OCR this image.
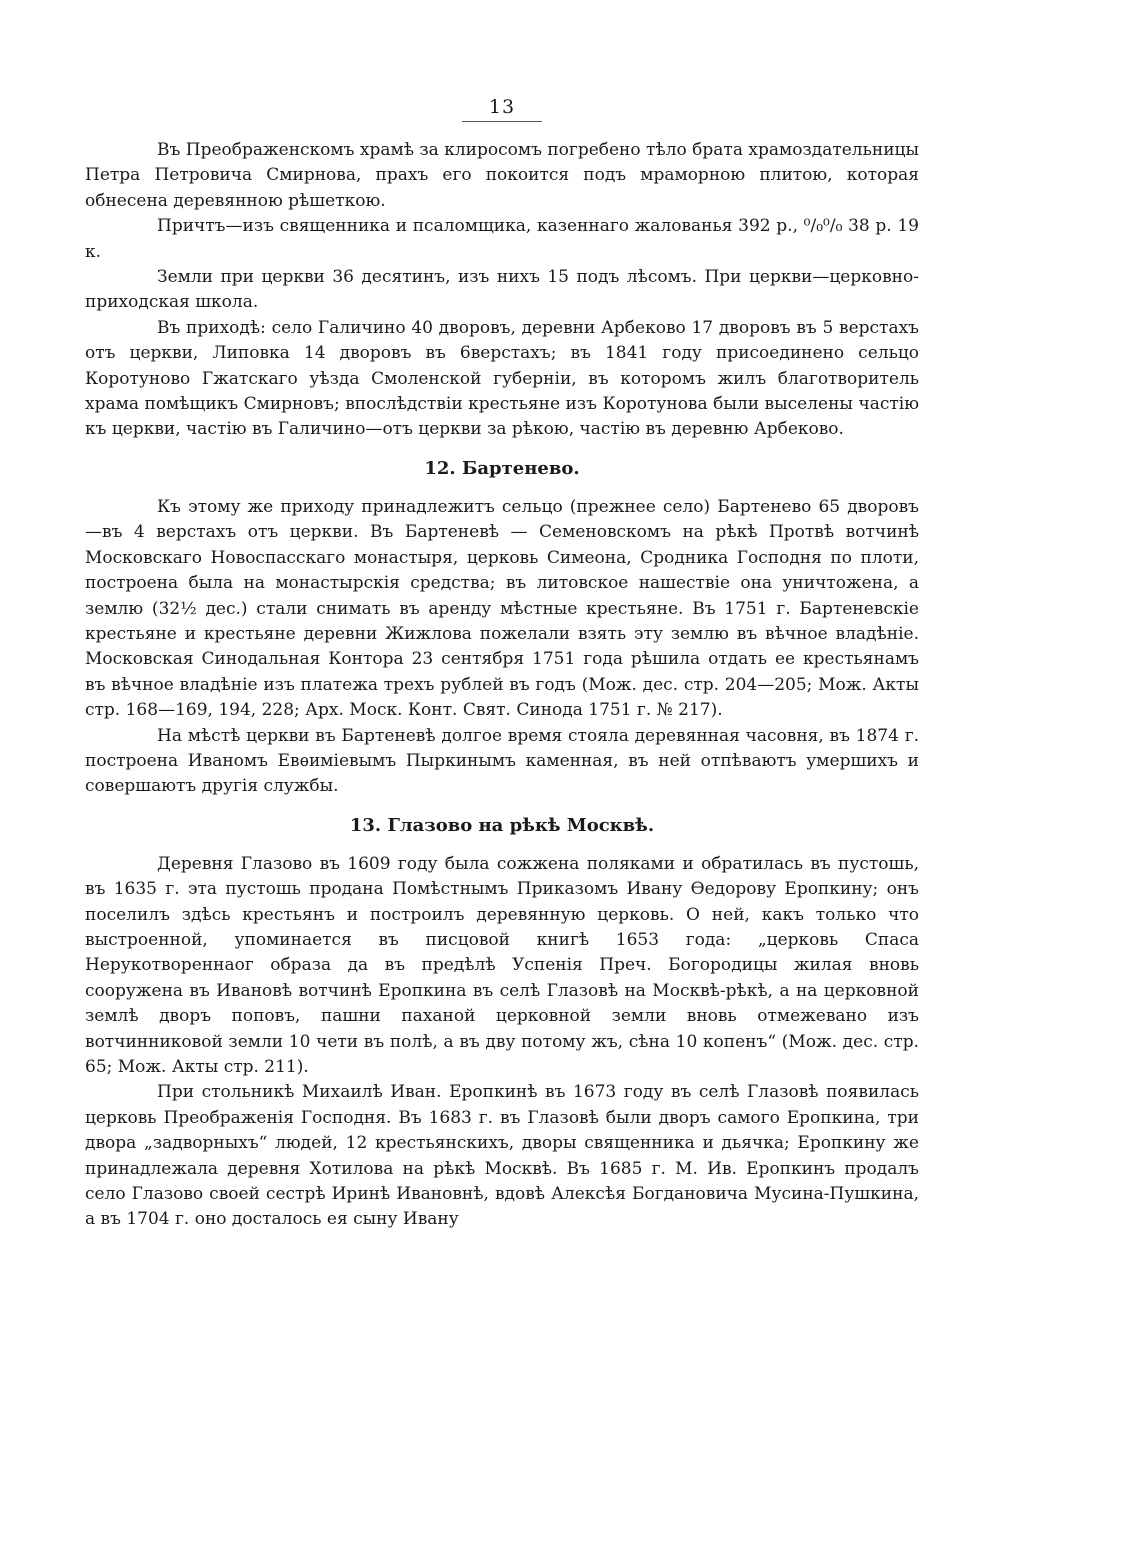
13

Въ Преображенскомъ храмѣ за клиросомъ погребено тѣло брата храмоздательницы Петра Петровича Смирнова, прахъ его покоится подъ мраморною плитою, которая обнесена деревянною рѣшеткою.

Причтъ—изъ священника и псаломщика, казеннаго жалованья 392 р., ⁰/₀⁰/₀ 38 р. 19 к.

Земли при церкви 36 десятинъ, изъ нихъ 15 подъ лѣсомъ. При церкви—церковно-приходская школа.

Въ приходѣ: село Галичино 40 дворовъ, деревни Арбеково 17 дворовъ въ 5 верстахъ отъ церкви, Липовка 14 дворовъ въ 6верстахъ; въ 1841 году присоединено сельцо Коротуново Гжатскаго уѣзда Смоленской губерніи, въ которомъ жилъ благотворитель храма помѣщикъ Смирновъ; впослѣдствіи крестьяне изъ Коротунова были выселены частію къ церкви, частію въ Галичино—отъ церкви за рѣкою, частію въ деревню Арбеково.

12. Бартенево.

Къ этому же приходу принадлежитъ сельцо (прежнее село) Бартенево 65 дворовъ—въ 4 верстахъ отъ церкви. Въ Бартеневѣ — Семеновскомъ на рѣкѣ Протвѣ вотчинѣ Московскаго Новоспасскаго монастыря, церковь Симеона, Сродника Господня по плоти, построена была на монастырскія средства; въ литовское нашествіе она уничтожена, а землю (32½ дес.) стали снимать въ аренду мѣстные крестьяне. Въ 1751 г. Бартеневскіе крестьяне и крестьяне деревни Жижлова пожелали взять эту землю въ вѣчное владѣніе. Московская Синодальная Контора 23 сентября 1751 года рѣшила отдать ее крестьянамъ въ вѣчное владѣніе изъ платежа трехъ рублей въ годъ (Мож. дес. стр. 204—205; Мож. Акты стр. 168—169, 194, 228; Арх. Моск. Конт. Свят. Синода 1751 г. № 217).

На мѣстѣ церкви въ Бартеневѣ долгое время стояла деревянная часовня, въ 1874 г. построена Иваномъ Евѳиміевымъ Пыркинымъ каменная, въ ней отпѣваютъ умершихъ и совершаютъ другія службы.

13. Глазово на рѣкѣ Москвѣ.

Деревня Глазово въ 1609 году была сожжена поляками и обратилась въ пустошь, въ 1635 г. эта пустошь продана Помѣстнымъ Приказомъ Ивану Ѳедорову Еропкину; онъ поселилъ здѣсь крестьянъ и построилъ деревянную церковь. О ней, какъ только что выстроенной, упоминается въ писцовой книгѣ 1653 года: „церковь Спаса Нерукотвореннаог образа да въ предѣлѣ Успенія Преч. Богородицы жилая вновь сооружена въ Ивановѣ вотчинѣ Еропкина въ селѣ Глазовѣ на Москвѣ-рѣкѣ, а на церковной землѣ дворъ поповъ, пашни паханой церковной земли вновь отмежевано изъ вотчинниковой земли 10 чети въ полѣ, а въ дву потому жъ, сѣна 10 копенъ“ (Мож. дес. стр. 65; Мож. Акты стр. 211).

При стольникѣ Михаилѣ Иван. Еропкинѣ въ 1673 году въ селѣ Глазовѣ появилась церковь Преображенія Господня. Въ 1683 г. въ Глазовѣ были дворъ самого Еропкина, три двора „задворныхъ“ людей, 12 крестьянскихъ, дворы священника и дьячка; Еропкину же принадлежала деревня Хотилова на рѣкѣ Москвѣ. Въ 1685 г. М. Ив. Еропкинъ продалъ село Глазово своей сестрѣ Иринѣ Ивановнѣ, вдовѣ Алексѣя Богдановича Мусина-Пушкина, а въ 1704 г. оно досталось ея сыну Ивану
